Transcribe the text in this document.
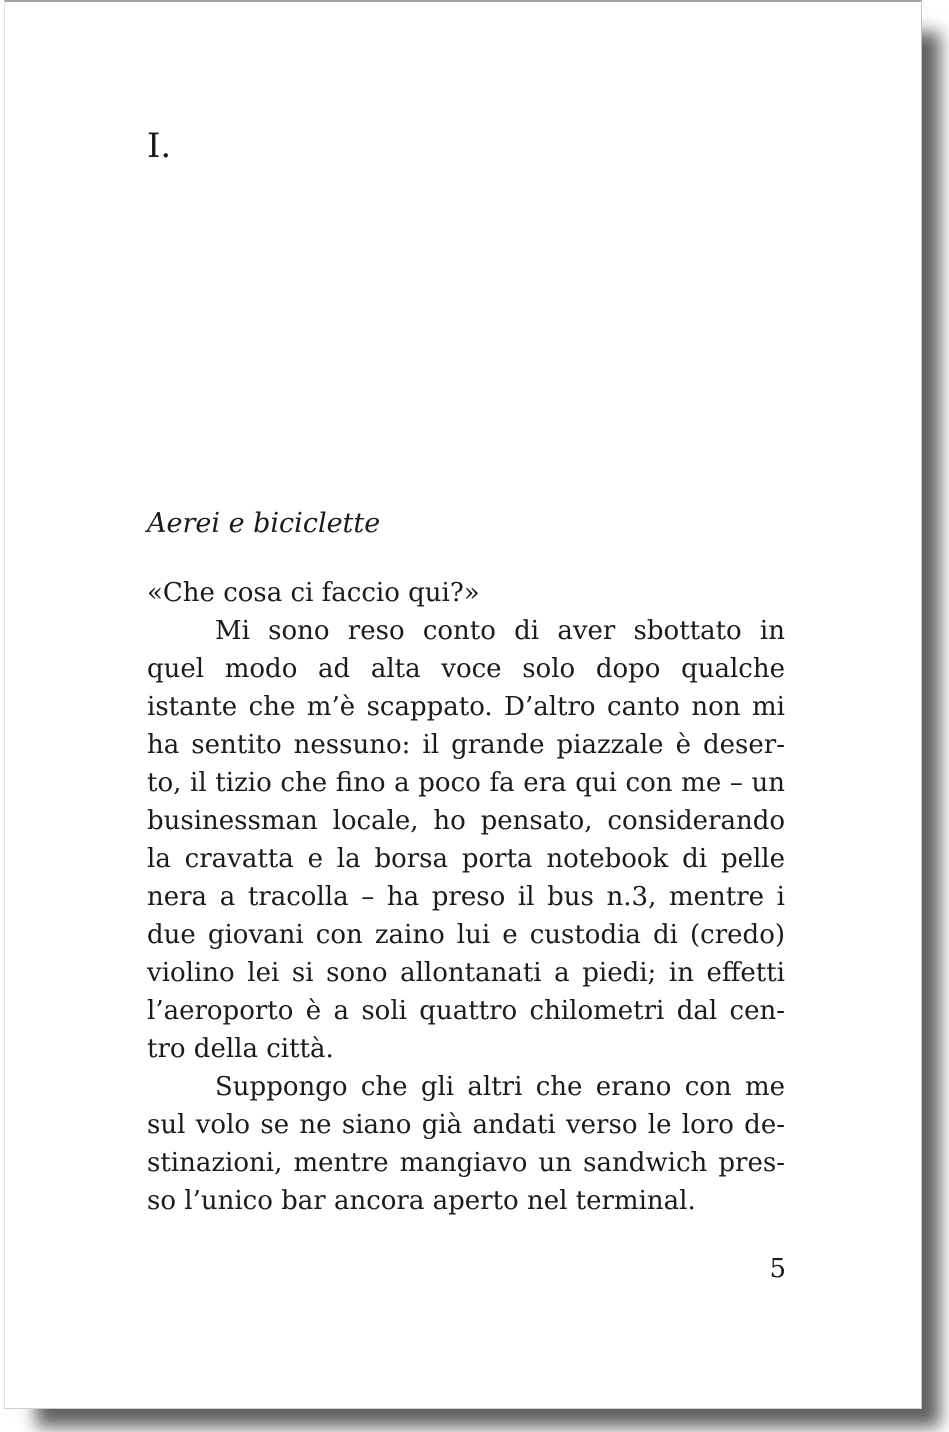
I.
Aerei e biciclette
«Che cosa ci faccio qui?»
Mi sono reso conto di aver sbottato in
quel modo ad alta voce solo dopo qualche
istante che m’è scappato. D’altro canto non mi
ha sentito nessuno: il grande piazzale è deser-
to, il tizio che fino a poco fa era qui con me – un
businessman locale, ho pensato, considerando
la cravatta e la borsa porta notebook di pelle
nera a tracolla – ha preso il bus n.3, mentre i
due giovani con zaino lui e custodia di (credo)
violino lei si sono allontanati a piedi; in effetti
l’aeroporto è a soli quattro chilometri dal cen-
tro della città.
Suppongo che gli altri che erano con me
sul volo se ne siano già andati verso le loro de-
stinazioni, mentre mangiavo un sandwich pres-
so l’unico bar ancora aperto nel terminal.
5
